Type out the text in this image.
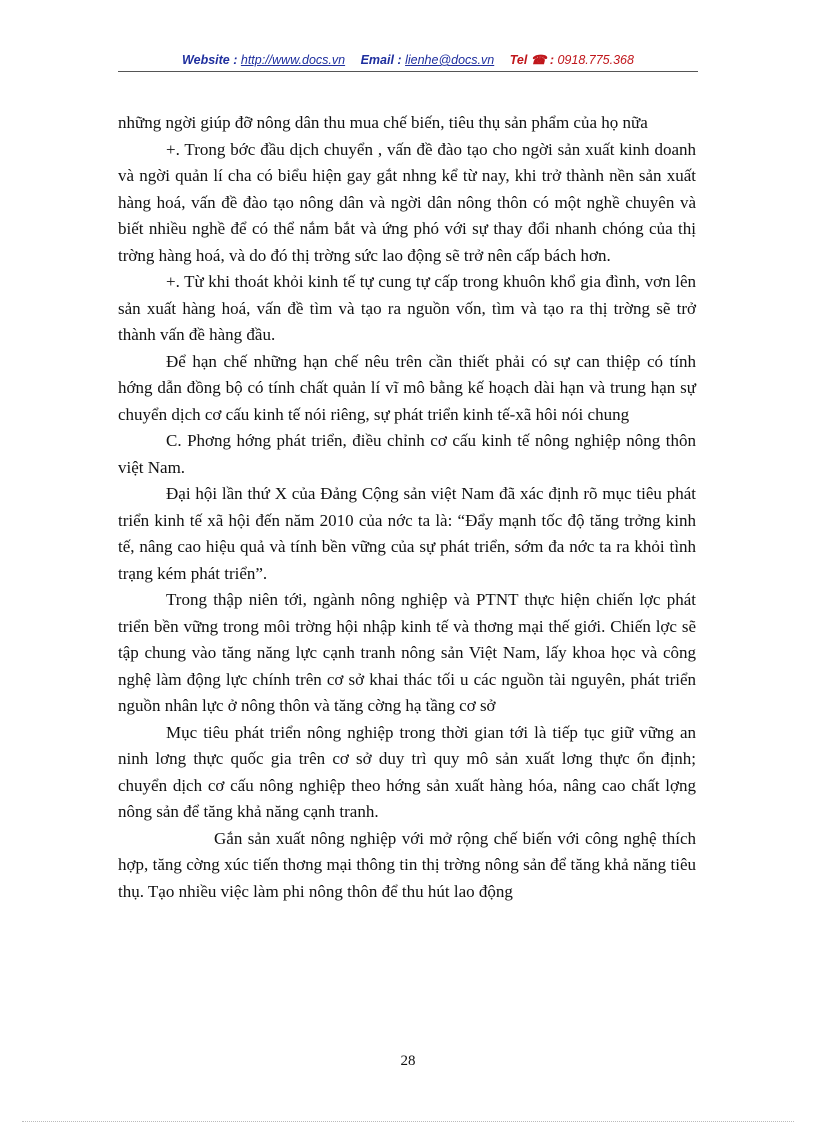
Website : http://www.docs.vn Email : lienhe@docs.vn Tel ☎ : 0918.775.368

những ngời giúp đỡ nông dân thu mua chế biến, tiêu thụ sản phẩm của họ nữa

+. Trong bớc đầu dịch chuyển , vấn đề đào tạo cho ngời sản xuất kinh doanh và ngời quản lí cha có biểu hiện gay gắt nhng kể từ nay, khi trở thành nền sản xuất hàng hoá, vấn đề đào tạo nông dân và ngời dân nông thôn có một nghề chuyên và biết nhiều nghề để có thể nắm bắt và ứng phó với sự thay đổi nhanh chóng của thị trờng hàng hoá, và do đó thị trờng sức lao động sẽ trở nên cấp bách hơn.

+. Từ khi thoát khỏi kinh tế tự cung tự cấp trong khuôn khổ gia đình, vơn lên sản xuất hàng hoá, vấn đề tìm và tạo ra nguồn vốn, tìm và tạo ra thị trờng sẽ trở thành vấn đề hàng đầu.

Để hạn chế những hạn chế nêu trên cần thiết phải có sự can thiệp có tính hớng dẫn đồng bộ có tính chất quản lí vĩ mô bằng kế hoạch dài hạn và trung hạn sự chuyển dịch cơ cấu kinh tế nói riêng, sự phát triển kinh tế-xã hôi nói chung

C. Phơng hớng phát triển, điều chỉnh cơ cấu kinh tế nông nghiệp nông thôn việt Nam.

Đại hội lần thứ X của Đảng Cộng sản việt Nam đã xác định rõ mục tiêu phát triển kinh tế xã hội đến năm 2010 của nớc ta là: “Đẩy mạnh tốc độ tăng trởng kinh tế, nâng cao hiệu quả và tính bền vững của sự phát triển, sớm đa nớc ta ra khỏi tình trạng kém phát triển”.

Trong thập niên tới, ngành nông nghiệp và PTNT thực hiện chiến lợc phát triển bền vững trong môi trờng hội nhập kinh tế và thơng mại thế giới. Chiến lợc sẽ tập chung vào tăng năng lực cạnh tranh nông sản Việt Nam, lấy khoa học và công nghệ làm động lực chính trên cơ sở khai thác tối u các nguồn tài nguyên, phát triển nguồn nhân lực ở nông thôn và tăng cờng hạ tầng cơ sở

Mục tiêu phát triển nông nghiệp trong thời gian tới là tiếp tục giữ vững an ninh lơng thực quốc gia trên cơ sở duy trì quy mô sản xuất lơng thực ổn định; chuyển dịch cơ cấu nông nghiệp theo hớng sản xuất hàng hóa, nâng cao chất lợng nông sản để tăng khả năng cạnh tranh.

Gắn sản xuất nông nghiệp với mở rộng chế biến với công nghệ thích hợp, tăng cờng xúc tiến thơng mại thông tin thị trờng nông sản để tăng khả năng tiêu thụ. Tạo nhiều việc làm phi nông thôn để thu hút lao động

28
